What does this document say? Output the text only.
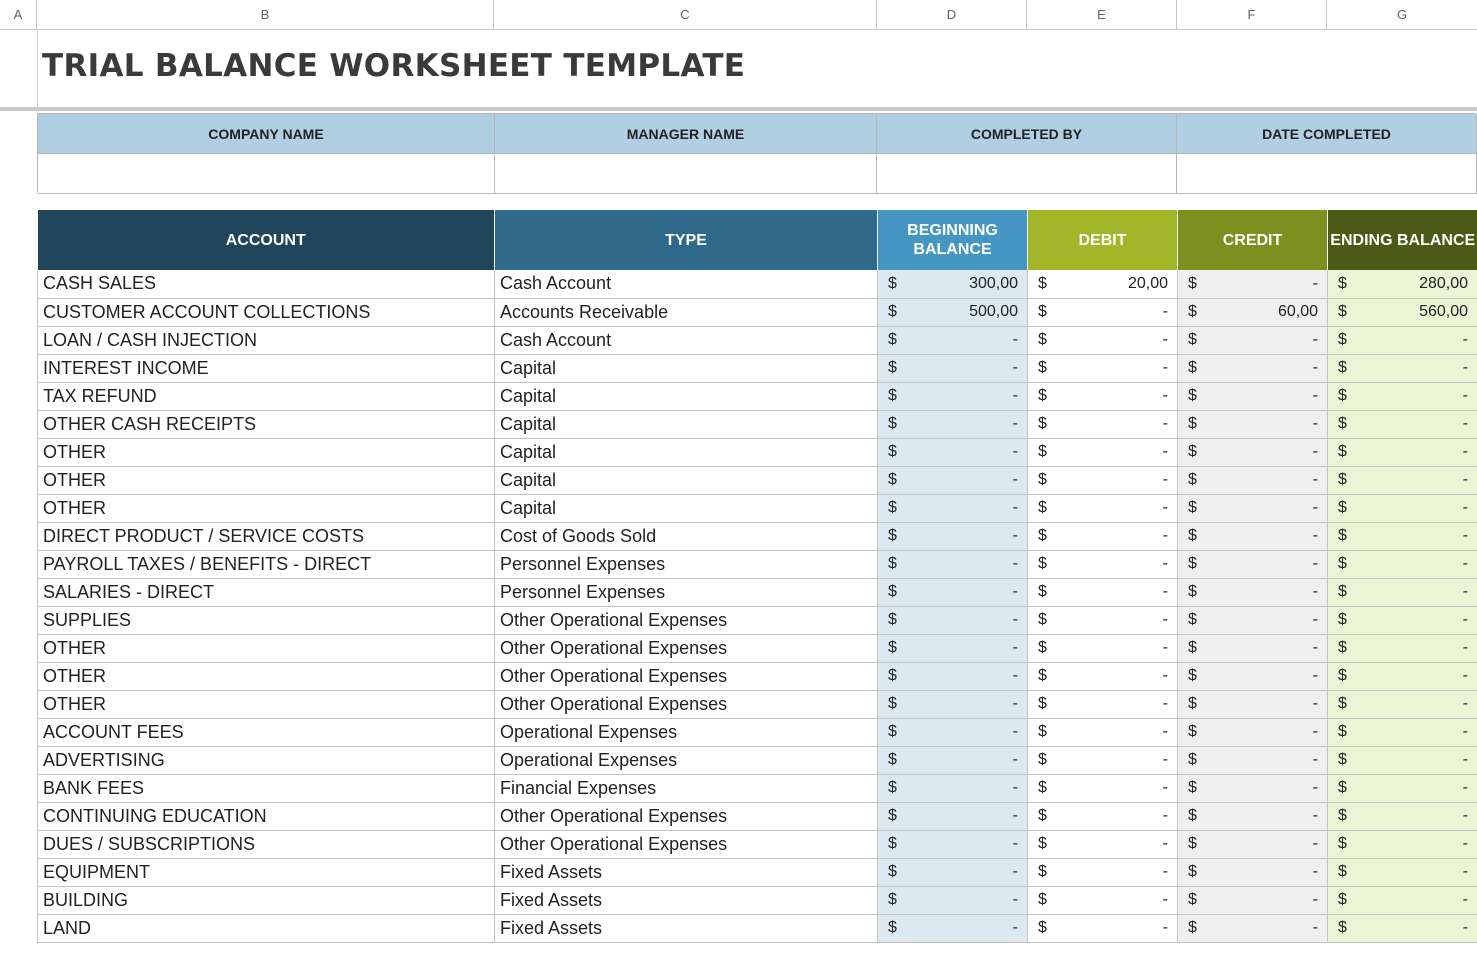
A	B	C	D	E	F	G
TRIAL BALANCE WORKSHEET TEMPLATE
COMPANY NAME	MANAGER NAME	COMPLETED BY	DATE COMPLETED
ACCOUNT	TYPE	BEGINNING BALANCE	DEBIT	CREDIT	ENDING BALANCE
CASH SALES	Cash Account	$ 300,00	$ 20,00	$ -	$ 280,00

CUSTOMER ACCOUNT COLLECTIONS	Accounts Receivable	$ 500,00	$ -	$ 60,00	$ 560,00

LOAN / CASH INJECTION	Cash Account	$ -	$ -	$ -	$ -

INTEREST INCOME	Capital	$ -	$ -	$ -	$ -

TAX REFUND	Capital	$ -	$ -	$ -	$ -

OTHER CASH RECEIPTS	Capital	$ -	$ -	$ -	$ -

OTHER	Capital	$ -	$ -	$ -	$ -

OTHER	Capital	$ -	$ -	$ -	$ -

OTHER	Capital	$ -	$ -	$ -	$ -

DIRECT PRODUCT / SERVICE COSTS	Cost of Goods Sold	$ -	$ -	$ -	$ -

PAYROLL TAXES / BENEFITS - DIRECT	Personnel Expenses	$ -	$ -	$ -	$ -

SALARIES - DIRECT	Personnel Expenses	$ -	$ -	$ -	$ -

SUPPLIES	Other Operational Expenses	$ -	$ -	$ -	$ -

OTHER	Other Operational Expenses	$ -	$ -	$ -	$ -

OTHER	Other Operational Expenses	$ -	$ -	$ -	$ -

OTHER	Other Operational Expenses	$ -	$ -	$ -	$ -

ACCOUNT FEES	Operational Expenses	$ -	$ -	$ -	$ -

ADVERTISING	Operational Expenses	$ -	$ -	$ -	$ -

BANK FEES	Financial Expenses	$ -	$ -	$ -	$ -

CONTINUING EDUCATION	Other Operational Expenses	$ -	$ -	$ -	$ -

DUES / SUBSCRIPTIONS	Other Operational Expenses	$ -	$ -	$ -	$ -

EQUIPMENT	Fixed Assets	$ -	$ -	$ -	$ -

BUILDING	Fixed Assets	$ -	$ -	$ -	$ -

LAND	Fixed Assets	$ -	$ -	$ -	$ -
